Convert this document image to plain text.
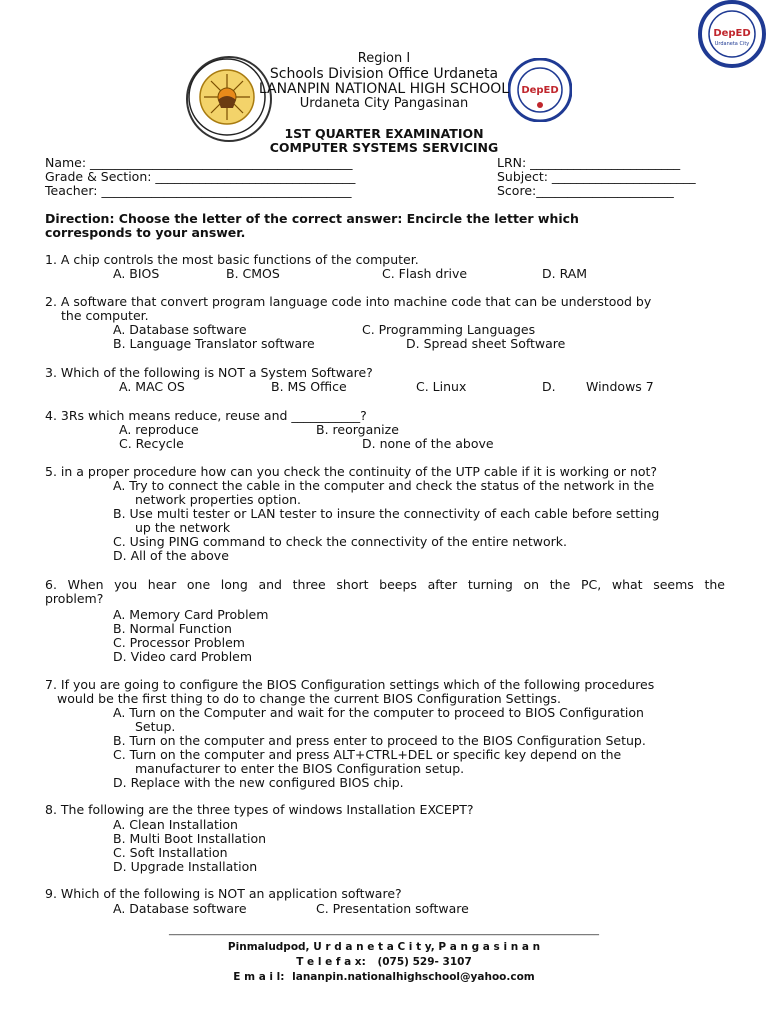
DepED
DepED
Urdaneta City
1965
Region I
Schools Division Office Urdaneta
LANANPIN NATIONAL HIGH SCHOOL
Urdaneta City Pangasinan
1ST QUARTER EXAMINATION
COMPUTER SYSTEMS SERVICING
Name: __________________________________________
Grade & Section: ________________________________
Teacher: ________________________________________
LRN: ________________________
Subject: _______________________
Score:______________________
Direction: Choose the letter of the correct answer: Encircle the letter which
corresponds to your answer.
1. A chip controls the most basic functions of the computer.
A. BIOS	B. CMOS	C. Flash drive	D. RAM
2. A software that convert program language code into machine code that can be understood by
the computer.
A. Database software	C. Programming Languages
B. Language Translator software	D. Spread sheet Software
3. Which of the following is NOT a System Software?
A. MAC OS	B. MS Office	C. Linux	D. Windows 7
4. 3Rs which means reduce, reuse and ___________?
A. reproduce	B. reorganize
C. Recycle	D. none of the above
5. in a proper procedure how can you check the continuity of the UTP cable if it is working or not?
A. Try to connect the cable in the computer and check the status of the network in the
network properties option.
B. Use multi tester or LAN tester to insure the connectivity of each cable before setting
up the network
C. Using PING command to check the connectivity of the entire network.
D. All of the above
6. When you hear one long and three short beeps after turning on the PC, what seems the
problem?
A. Memory Card Problem
B. Normal Function
C. Processor Problem
D. Video card Problem
7. If you are going to configure the BIOS Configuration settings which of the following procedures
would be the first thing to do to change the current BIOS Configuration Settings.
A. Turn on the Computer and wait for the computer to proceed to BIOS Configuration
Setup.
B. Turn on the computer and press enter to proceed to the BIOS Configuration Setup.
C. Turn on the computer and press ALT+CTRL+DEL or specific key depend on the
manufacturer to enter the BIOS Configuration setup.
D. Replace with the new configured BIOS chip.
8. The following are the three types of windows Installation EXCEPT?
A. Clean Installation
B. Multi Boot Installation
C. Soft Installation
D. Upgrade Installation
9. Which of the following is NOT an application software?
A. Database software	C. Presentation software
______________________________________________________________________________________
Pinmaludpod, U r d a n e t a C i t y, P a n g a s i n a n
T e l e f a x: (075) 529- 3107
E m a i l: lananpin.nationalhighschool@yahoo.com
